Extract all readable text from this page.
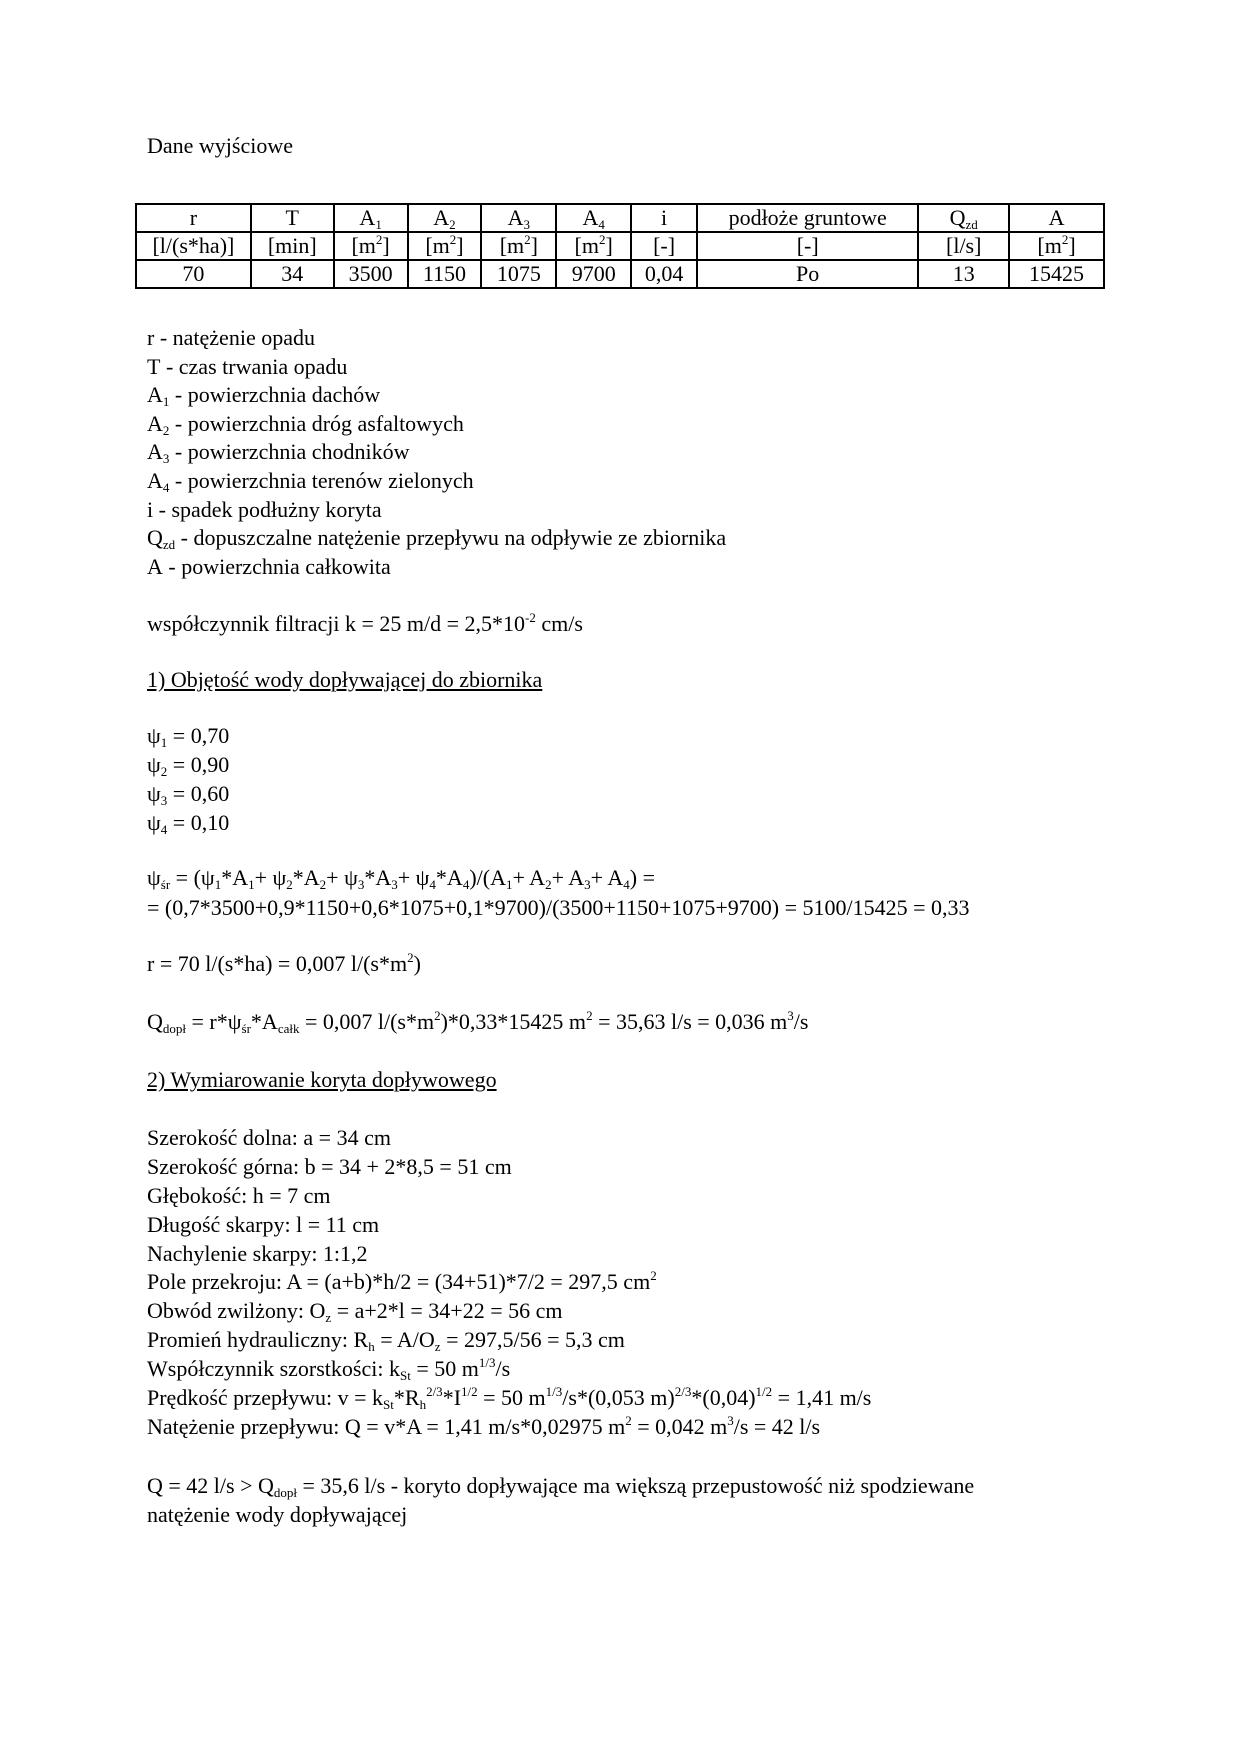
Dane wyjściowe
r	T	$A_1$	$A_2$	$A_3$	$A_4$	i	podłoże gruntowe	$Q_{zd}$	A
[l/(s*ha)]	[min]	$[m^2]$	$[m^2]$	$[m^2]$	$[m^2]$	[-]	[-]	[l/s]	$[m^2]$
70	34	3500	1150	1075	9700	0,04	Po	13	15425
r - natężenie opadu
T - czas trwania opadu
$A_1$ - powierzchnia dachów
$A_2$ - powierzchnia dróg asfaltowych
$A_3$ - powierzchnia chodników
$A_4$ - powierzchnia terenów zielonych
i - spadek podłużny koryta
$Q_{zd}$ - dopuszczalne natężenie przepływu na odpływie ze zbiornika
A - powierzchnia całkowita
współczynnik filtracji k = 25 $m/d = 2,5*10^{-2}$ cm/s
1) Objętość wody dopływającej do zbiornika
$\psi_1 = 0,70$
$\psi_2 = 0,90$
$\psi_3 = 0,60$
$\psi_4 = 0,10$
$\psi_{śr} = (\psi_1*A_1+ \psi_2*A_2+ \psi_3*A_3+ \psi_4*A_4)/(A_1+ A_2+ A_3+ A_4)$ =
= (0,7*3500+0,9*1150+0,6*1075+0,1*9700)/(3500+1150+1075+9700) = 5100/15425 = 0,33
r = 70 l/(s*ha) = 0,007 $l/(s*m^2)$
$Q_{dopł} = r*\psi_{śr}*A_{całk} = 0,007$ $l/(s*m^2)*0,33*15425$ $m^2 = 35,63$ l/s = 0,036 $m^3/s$
2) Wymiarowanie koryta dopływowego
Szerokość dolna: a = 34 cm
Szerokość górna: b = 34 + 2*8,5 = 51 cm
Głębokość: h = 7 cm
Długość skarpy: l = 11 cm
Nachylenie skarpy: 1:1,2
Pole przekroju: A = (a+b)*h/2 = (34+51)*7/2 = 297,5 $cm^2$
Obwód zwilżony: $O_z = a+2*l = 34+22 = 56$ cm
Promień hydrauliczny: $R_h = A/O_z = 297,5/56 = 5,3$ cm
Współczynnik szorstkości: $k_{St} = 50$ $m^{1/3}/s$
Prędkość przepływu: $v = k_{St}*R_h^{2/3}*I^{1/2} = 50$ $m^{1/3}/s*(0,053$ $m)^{2/3}*(0,04)^{1/2} = 1,41$ m/s
Natężenie przepływu: Q = v*A = 1,41 m/s*0,02975 $m^2 = 0,042$ $m^3/s = 42$ l/s
Q = 42 $l/s > Q_{dopł} = 35,6$ l/s - koryto dopływające ma większą przepustowość niż spodziewane
natężenie wody dopływającej
